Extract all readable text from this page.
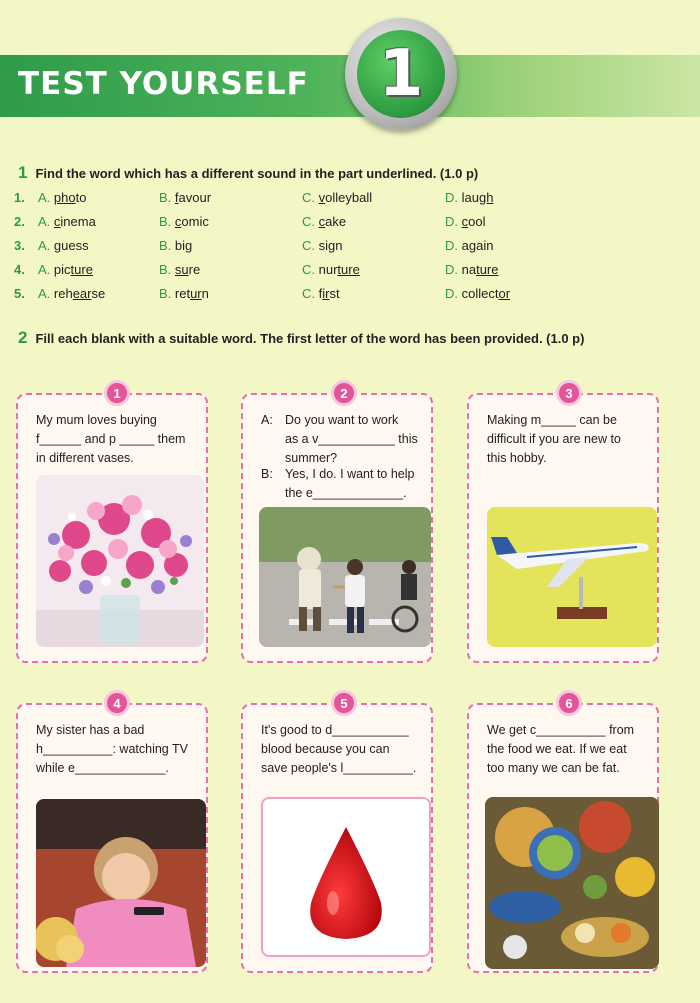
TEST YOURSELF 1
1 Find the word which has a different sound in the part underlined. (1.0 p)
1. A. photo	B. favour	C. volleyball	D. laugh
2. A. cinema	B. comic	C. cake	D. cool
3. A. guess	B. big	C. sign	D. again
4. A. picture	B. sure	C. nurture	D. nature
5. A. rehearse	B. return	C. first	D. collector
2 Fill each blank with a suitable word. The first letter of the word has been provided. (1.0 p)
My mum loves buying
f______ and p _____ them
in different vases.
1
A: Do you want to work
as a v___________ this
summer?
B: Yes, I do. I want to help
the e_____________.
2
Making m_____ can be
difficult if you are new to
this hobby.
3
My sister has a bad
h__________: watching TV
while e_____________.
4
It's good to d___________
blood because you can
save people's l__________.
5
We get c__________ from
the food we eat. If we eat
too many we can be fat.
6
